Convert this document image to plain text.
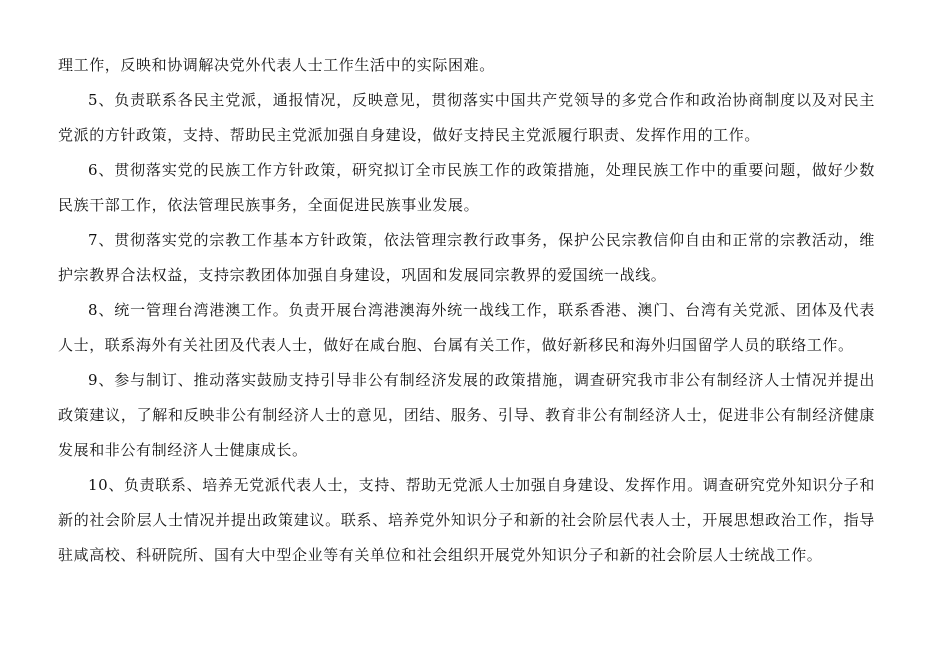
理工作，反映和协调解决党外代表人士工作生活中的实际困难。

5、负责联系各民主党派，通报情况，反映意见，贯彻落实中国共产党领导的多党合作和政治协商制度以及对民主党派的方针政策，支持、帮助民主党派加强自身建设，做好支持民主党派履行职责、发挥作用的工作。

6、贯彻落实党的民族工作方针政策，研究拟订全市民族工作的政策措施，处理民族工作中的重要问题，做好少数民族干部工作，依法管理民族事务，全面促进民族事业发展。

7、贯彻落实党的宗教工作基本方针政策，依法管理宗教行政事务，保护公民宗教信仰自由和正常的宗教活动，维护宗教界合法权益，支持宗教团体加强自身建设，巩固和发展同宗教界的爱国统一战线。

8、统一管理台湾港澳工作。负责开展台湾港澳海外统一战线工作，联系香港、澳门、台湾有关党派、团体及代表人士，联系海外有关社团及代表人士，做好在咸台胞、台属有关工作，做好新移民和海外归国留学人员的联络工作。

9、参与制订、推动落实鼓励支持引导非公有制经济发展的政策措施，调查研究我市非公有制经济人士情况并提出政策建议，了解和反映非公有制经济人士的意见，团结、服务、引导、教育非公有制经济人士，促进非公有制经济健康发展和非公有制经济人士健康成长。

10、负责联系、培养无党派代表人士，支持、帮助无党派人士加强自身建设、发挥作用。调查研究党外知识分子和新的社会阶层人士情况并提出政策建议。联系、培养党外知识分子和新的社会阶层代表人士，开展思想政治工作，指导驻咸高校、科研院所、国有大中型企业等有关单位和社会组织开展党外知识分子和新的社会阶层人士统战工作。
